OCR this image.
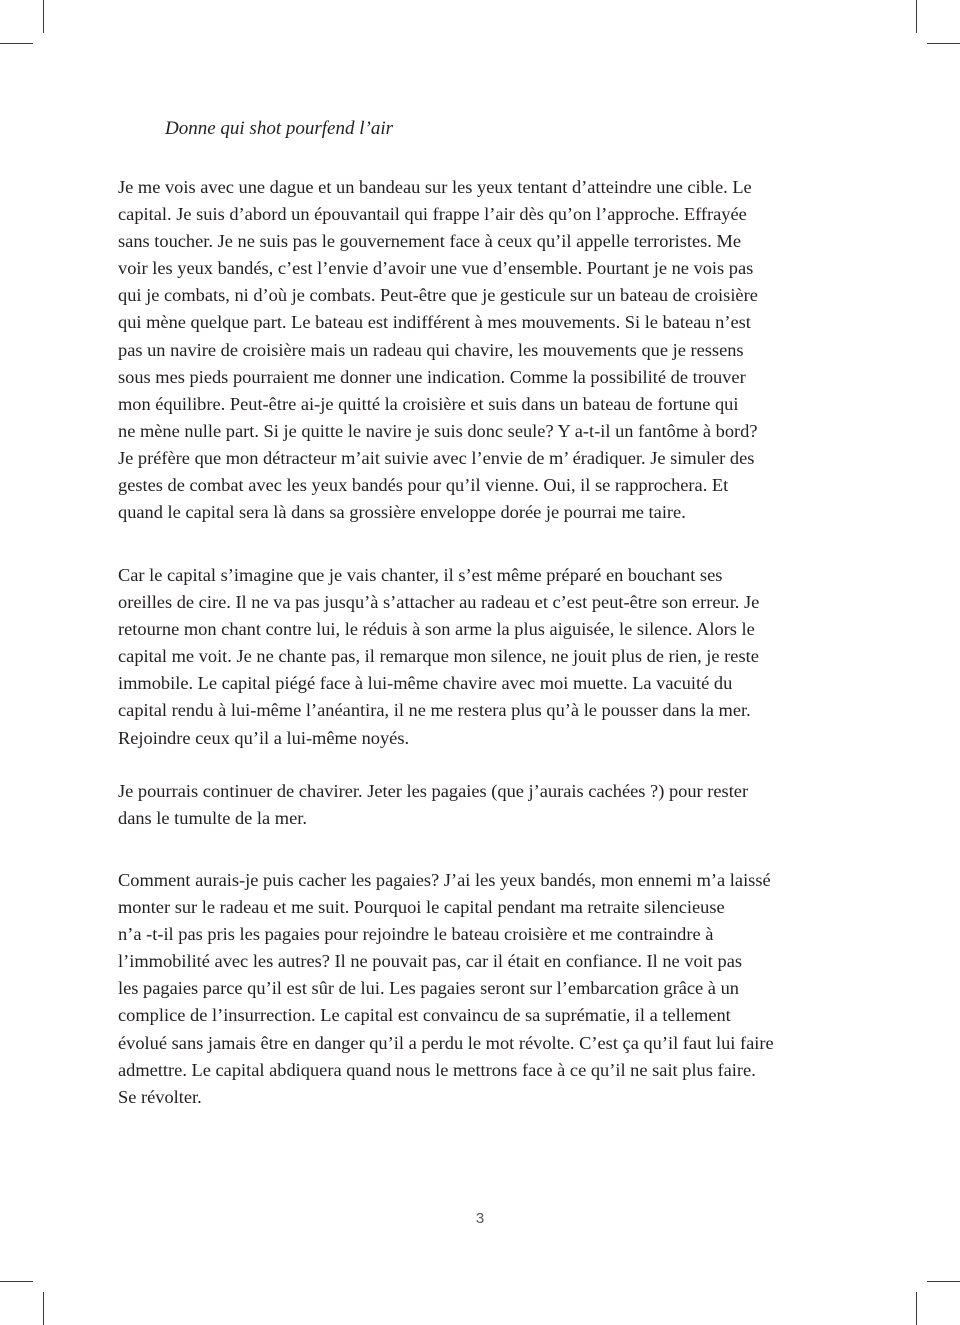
Donne qui shot pourfend l’air

Je me vois avec une dague et un bandeau sur les yeux tentant d’atteindre une cible. Le
capital. Je suis d’abord un épouvantail qui frappe l’air dès qu’on l’approche. Effrayée
sans toucher. Je ne suis pas le gouvernement face à ceux qu’il appelle terroristes. Me
voir les yeux bandés, c’est l’envie d’avoir une vue d’ensemble. Pourtant je ne vois pas
qui je combats, ni d’où je combats. Peut-être que je gesticule sur un bateau de croisière
qui mène quelque part. Le bateau est indifférent à mes mouvements. Si le bateau n’est
pas un navire de croisière mais un radeau qui chavire, les mouvements que je ressens
sous mes pieds pourraient me donner une indication. Comme la possibilité de trouver
mon équilibre. Peut-être ai-je quitté la croisière et suis dans un bateau de fortune qui
ne mène nulle part. Si je quitte le navire je suis donc seule? Y a-t-il un fantôme à bord?
Je préfère que mon détracteur m’ait suivie avec l’envie de m’ éradiquer. Je simuler des
gestes de combat avec les yeux bandés pour qu’il vienne. Oui, il se rapprochera. Et
quand le capital sera là dans sa grossière enveloppe dorée je pourrai me taire.

Car le capital s’imagine que je vais chanter, il s’est même préparé en bouchant ses
oreilles de cire. Il ne va pas jusqu’à s’attacher au radeau et c’est peut-être son erreur. Je
retourne mon chant contre lui, le réduis à son arme la plus aiguisée, le silence. Alors le
capital me voit. Je ne chante pas, il remarque mon silence, ne jouit plus de rien, je reste
immobile. Le capital piégé face à lui-même chavire avec moi muette. La vacuité du
capital rendu à lui-même l’anéantira, il ne me restera plus qu’à le pousser dans la mer.
Rejoindre ceux qu’il a lui-même noyés.

Je pourrais continuer de chavirer. Jeter les pagaies (que j’aurais cachées ?) pour rester
dans le tumulte de la mer.

Comment aurais-je puis cacher les pagaies? J’ai les yeux bandés, mon ennemi m’a laissé
monter sur le radeau et me suit. Pourquoi le capital pendant ma retraite silencieuse
n’a -t-il pas pris les pagaies pour rejoindre le bateau croisière et me contraindre à
l’immobilité avec les autres? Il ne pouvait pas, car il était en confiance. Il ne voit pas
les pagaies parce qu’il est sûr de lui. Les pagaies seront sur l’embarcation grâce à un
complice de l’insurrection. Le capital est convaincu de sa suprématie, il a tellement
évolué sans jamais être en danger qu’il a perdu le mot révolte. C’est ça qu’il faut lui faire
admettre. Le capital abdiquera quand nous le mettrons face à ce qu’il ne sait plus faire.
Se révolter.

3
